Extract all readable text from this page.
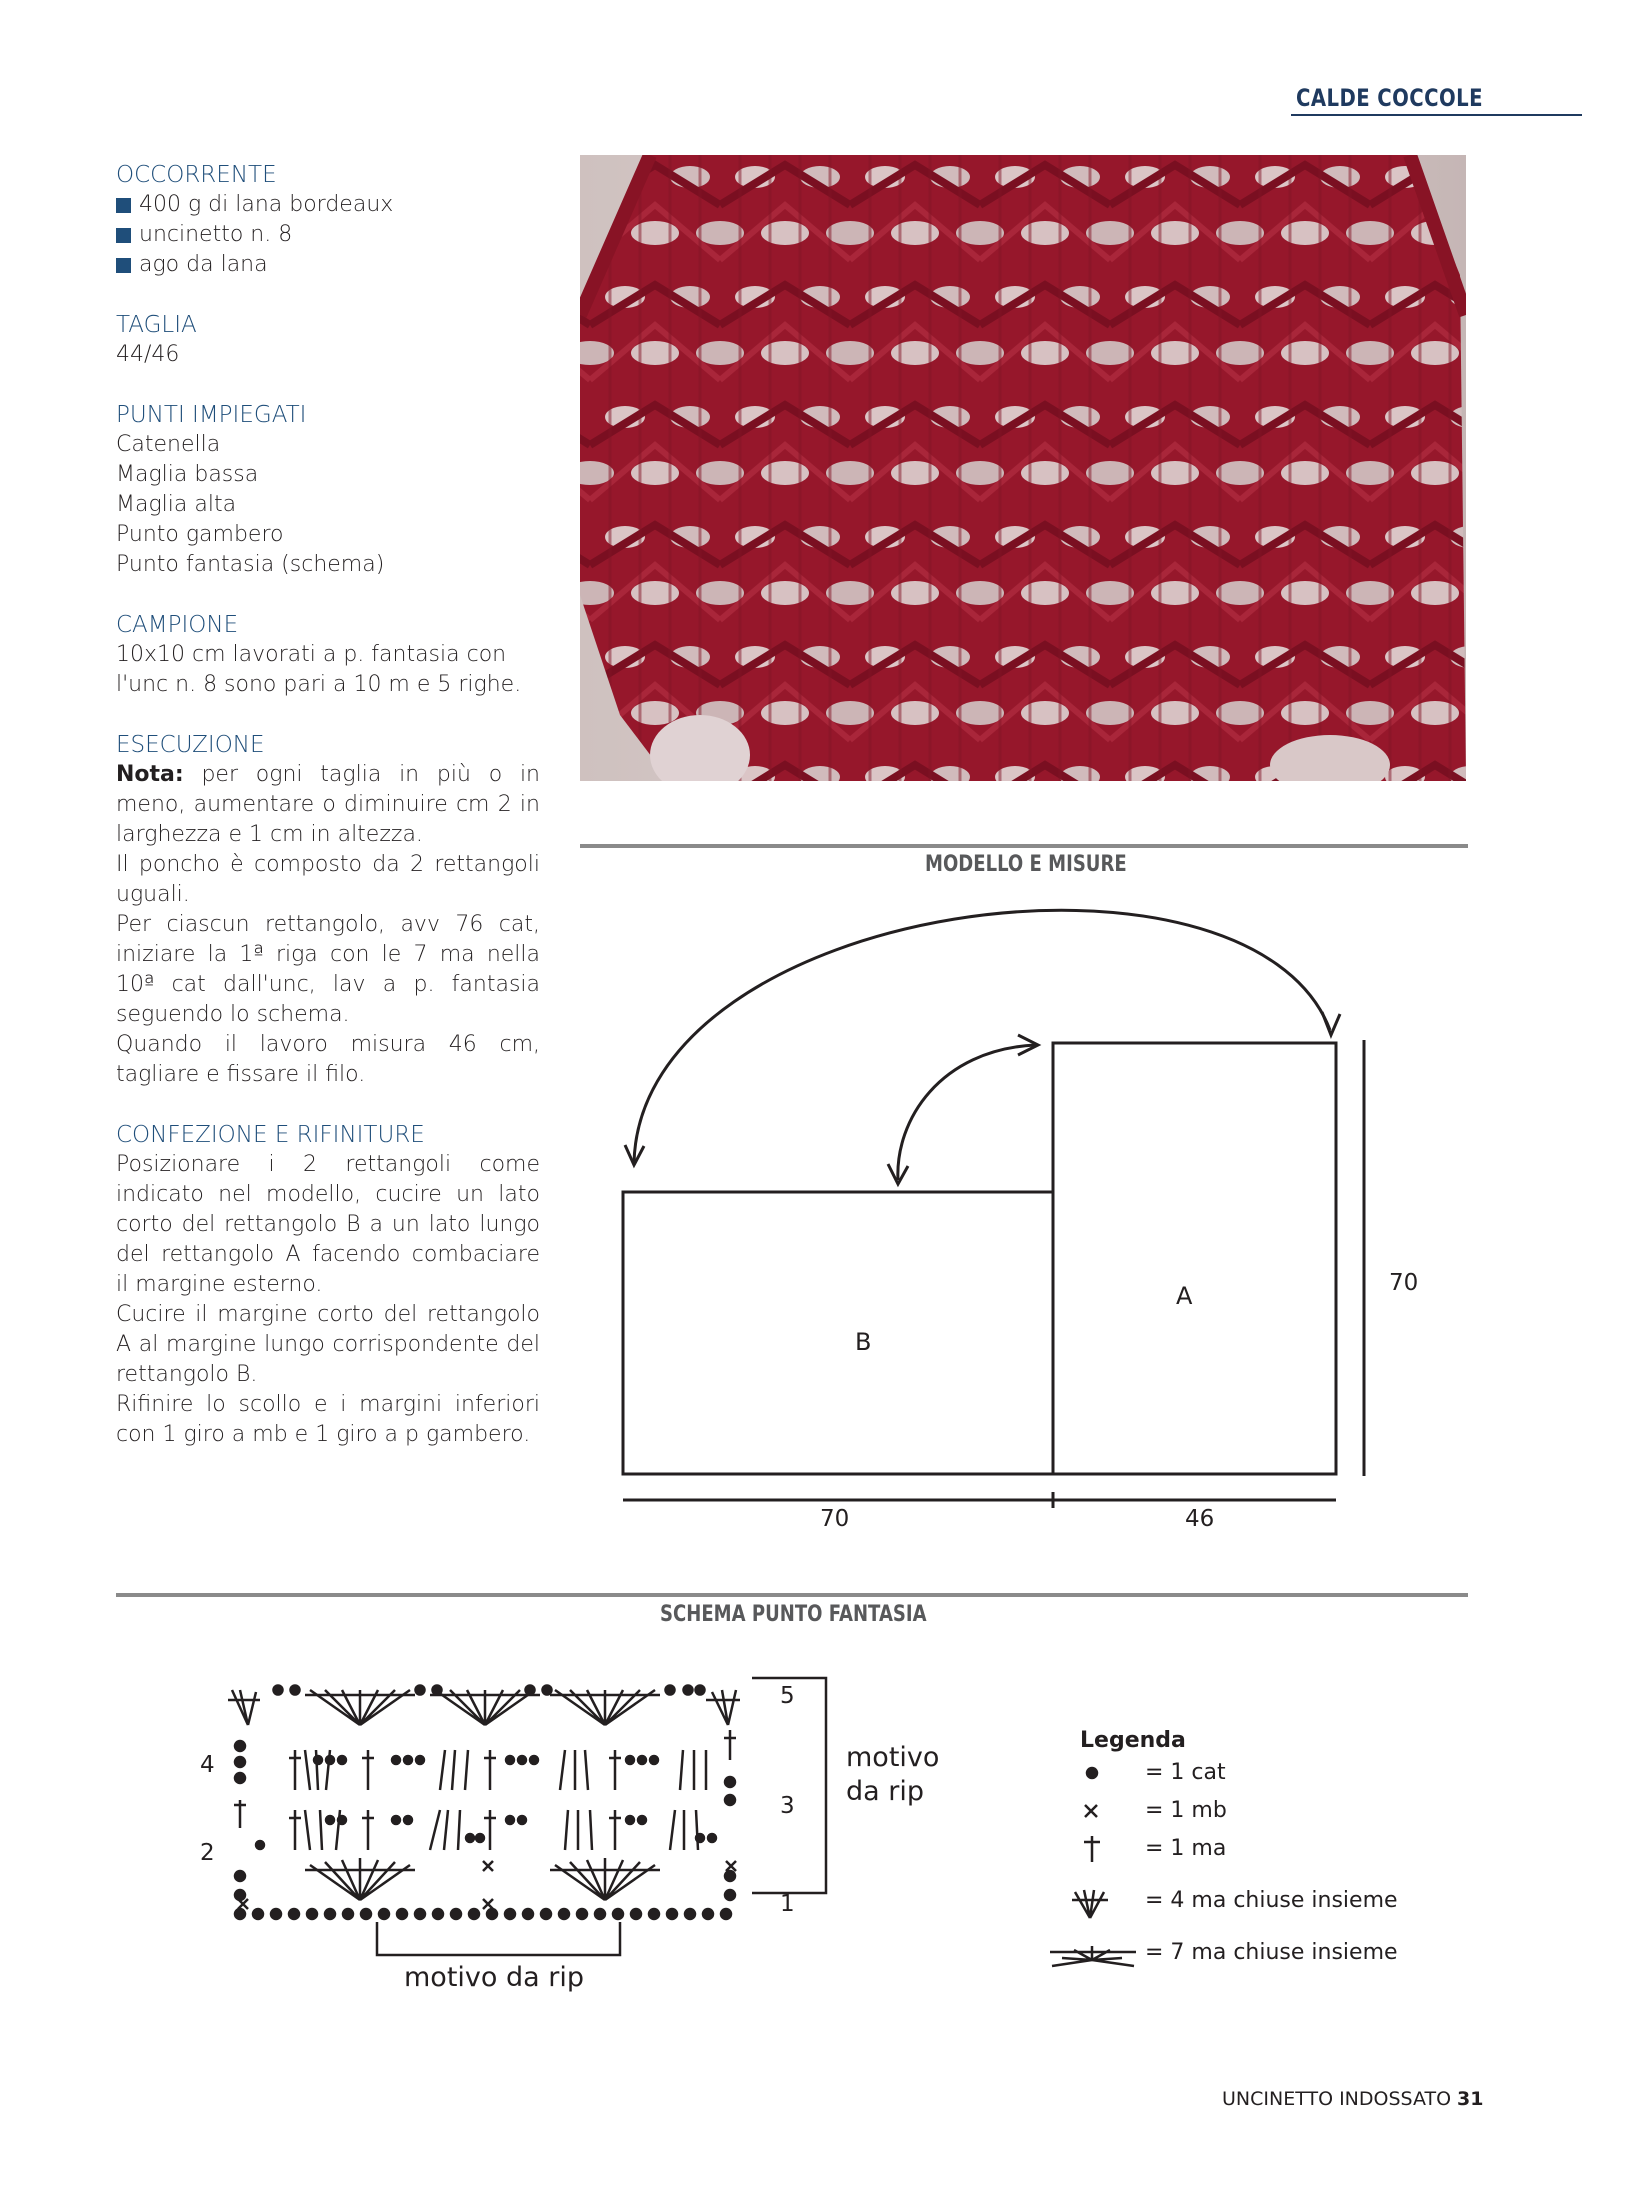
CALDE COCCOLE
OCCORRENTE
400 g di lana bordeaux
uncinetto n. 8
ago da lana
TAGLIA
44/46
PUNTI IMPIEGATI
Catenella
Maglia bassa
Maglia alta
Punto gambero
Punto fantasia (schema)
CAMPIONE
10x10 cm lavorati a p. fantasia con l'unc n. 8 sono pari a 10 m e 5 righe.
ESECUZIONE
Nota: per ogni taglia in più o in meno, aumentare o diminuire cm 2 in larghezza e 1 cm in altezza.
Il poncho è composto da 2 rettangoli uguali.
Per ciascun rettangolo, avv 76 cat, iniziare la 1ª riga con le 7 ma nella 10ª cat dall'unc, lav a p. fantasia seguendo lo schema.
Quando il lavoro misura 46 cm, tagliare e fissare il filo.
CONFEZIONE E RIFINITURE
Posizionare i 2 rettangoli come indicato nel modello, cucire un lato corto del rettangolo B a un lato lungo del rettangolo A facendo combaciare il margine esterno.
Cucire il margine corto del rettangolo A al margine lungo corrispondente del rettangolo B.
Rifinire lo scollo e i margini inferiori con 1 giro a mb e 1 giro a p gambero.
MODELLO E MISURE
A
B
70
70	46
SCHEMA PUNTO FANTASIA
1
2
3
4
5
motivo da rip
motivo
da rip
Legenda
= 1 cat
= 1 mb
= 1 ma
= 4 ma chiuse insieme
= 7 ma chiuse insieme
UNCINETTO INDOSSATO 31
